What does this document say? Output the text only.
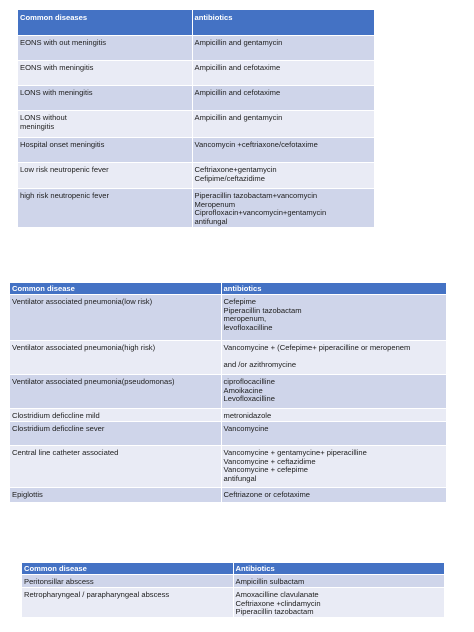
Common diseases	antibiotics

EONS with out meningitis	Ampicillin and gentamycin

EONS with meningitis	Ampicillin and cefotaxime

LONS with meningitis	Ampicillin and cefotaxime

LONS without
meningitis	Ampicillin and gentamycin

Hospital onset meningitis	Vancomycin +ceftriaxone/cefotaxime

Low risk neutropenic fever	Ceftriaxone+gentamycin
Cefipime/ceftazidime

high risk neutropenic fever	Piperacillin tazobactam+vancomycin
Meropenum
Ciprofloxacin+vancomycin+gentamycin
antifungal
Common disease	antibiotics

Ventilator associated pneumonia(low risk)	Cefepime
Piperacillin tazobactam
meropenum,
levofloxacilline

Ventilator associated pneumonia(high risk)	Vancomycine + (Cefepime+ piperacilline or meropenem

and /or azithromycine

Ventilator associated pneumonia(pseudomonas)	ciproflocacilline
Amoikacine
Levofloxacilline

Clostridium deficcline mild	metronidazole

Clostridium deficcline sever	Vancomycine

Central line catheter associated	Vancomycine + gentamycine+ piperacilline
Vancomycine + ceftazidime
Vancomycine + cefepime
antifungal

Epiglottis	Ceftriazone or cefotaxime
Common disease	Antibiotics

Peritonsillar abscess	Ampicillin sulbactam

Retropharyngeal / parapharyngeal abscess	Amoxacilline clavulanate
Ceftriaxone +clindamycin
Piperacillin tazobactam
